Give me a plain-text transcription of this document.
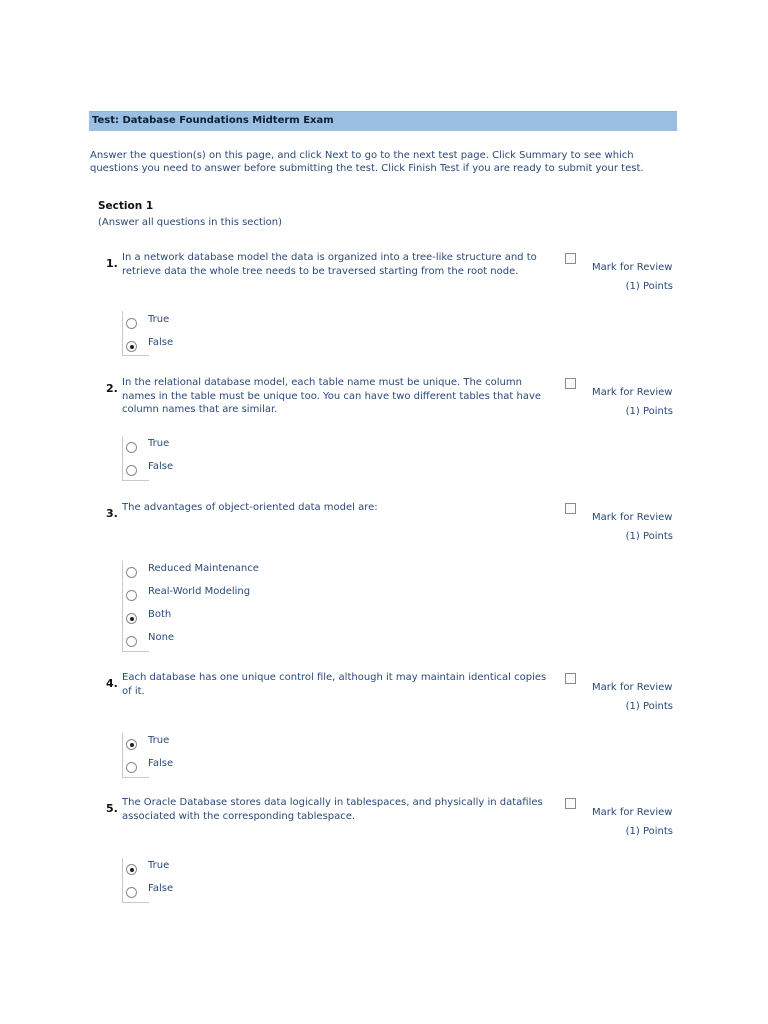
Test: Database Foundations Midterm Exam
Answer the question(s) on this page, and click Next to go to the next test page. Click Summary to see which questions you need to answer before submitting the test. Click Finish Test if you are ready to submit your test.
Section 1
(Answer all questions in this section)
1. In a network database model the data is organized into a tree-like structure and to retrieve data the whole tree needs to be traversed starting from the root node.	Mark for Review
(1) Points
True
False
2. In the relational database model, each table name must be unique. The column names in the table must be unique too. You can have two different tables that have column names that are similar.
Mark for Review
(1) Points
True
False
3. The advantages of object-oriented data model are:
Mark for Review
(1) Points
Reduced Maintenance
Real-World Modeling
Both
None
4. Each database has one unique control file, although it may maintain identical copies of it.	Mark for Review
(1) Points
True
False
5. The Oracle Database stores data logically in tablespaces, and physically in datafiles associated with the corresponding tablespace.	Mark for Review
(1) Points
True
False
